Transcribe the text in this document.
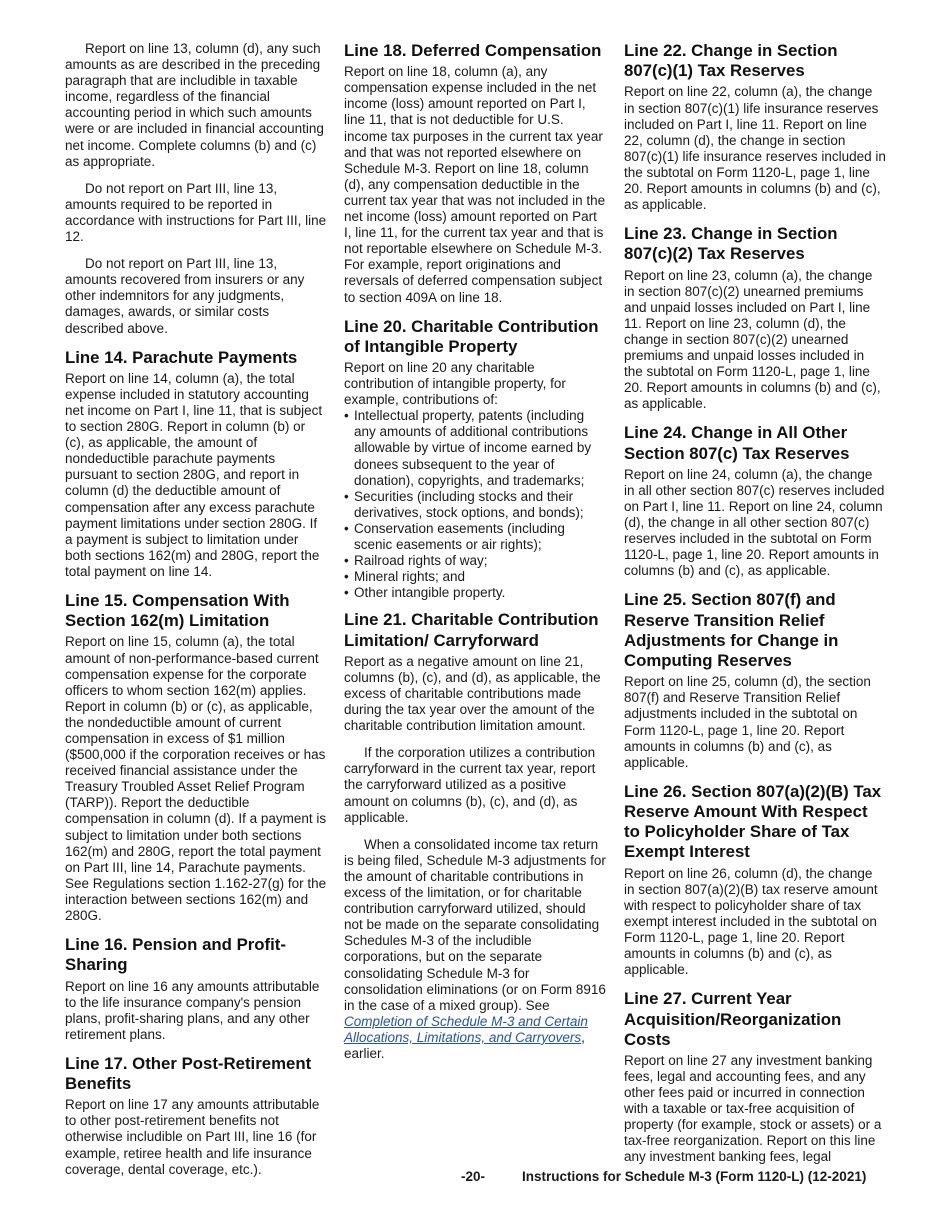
Report on line 13, column (d), any such amounts as are described in the preceding paragraph that are includible in taxable income, regardless of the financial accounting period in which such amounts were or are included in financial accounting net income. Complete columns (b) and (c) as appropriate.

Do not report on Part III, line 13, amounts required to be reported in accordance with instructions for Part III, line 12.

Do not report on Part III, line 13, amounts recovered from insurers or any other indemnitors for any judgments, damages, awards, or similar costs described above.

Line 14. Parachute Payments

Report on line 14, column (a), the total expense included in statutory accounting net income on Part I, line 11, that is subject to section 280G. Report in column (b) or (c), as applicable, the amount of nondeductible parachute payments pursuant to section 280G, and report in column (d) the deductible amount of compensation after any excess parachute payment limitations under section 280G. If a payment is subject to limitation under both sections 162(m) and 280G, report the total payment on line 14.

Line 15. Compensation With Section 162(m) Limitation

Report on line 15, column (a), the total amount of non-performance-based current compensation expense for the corporate officers to whom section 162(m) applies. Report in column (b) or (c), as applicable, the nondeductible amount of current compensation in excess of $1 million ($500,000 if the corporation receives or has received financial assistance under the Treasury Troubled Asset Relief Program (TARP)). Report the deductible compensation in column (d). If a payment is subject to limitation under both sections 162(m) and 280G, report the total payment on Part III, line 14, Parachute payments. See Regulations section 1.162-27(g) for the interaction between sections 162(m) and 280G.

Line 16. Pension and Profit-Sharing

Report on line 16 any amounts attributable to the life insurance company's pension plans, profit-sharing plans, and any other retirement plans.

Line 17. Other Post-Retirement Benefits

Report on line 17 any amounts attributable to other post-retirement benefits not otherwise includible on Part III, line 16 (for example, retiree health and life insurance coverage, dental coverage, etc.).

Line 18. Deferred Compensation

Report on line 18, column (a), any compensation expense included in the net income (loss) amount reported on Part I, line 11, that is not deductible for U.S. income tax purposes in the current tax year and that was not reported elsewhere on Schedule M-3. Report on line 18, column (d), any compensation deductible in the current tax year that was not included in the net income (loss) amount reported on Part I, line 11, for the current tax year and that is not reportable elsewhere on Schedule M-3. For example, report originations and reversals of deferred compensation subject to section 409A on line 18.

Line 20. Charitable Contribution of Intangible Property

Report on line 20 any charitable contribution of intangible property, for example, contributions of:

• Intellectual property, patents (including any amounts of additional contributions allowable by virtue of income earned by donees subsequent to the year of donation), copyrights, and trademarks;
• Securities (including stocks and their derivatives, stock options, and bonds);
• Conservation easements (including scenic easements or air rights);
• Railroad rights of way;
• Mineral rights; and
• Other intangible property.
Line 21. Charitable Contribution Limitation/ Carryforward

Report as a negative amount on line 21, columns (b), (c), and (d), as applicable, the excess of charitable contributions made during the tax year over the amount of the charitable contribution limitation amount.

If the corporation utilizes a contribution carryforward in the current tax year, report the carryforward utilized as a positive amount on columns (b), (c), and (d), as applicable.

When a consolidated income tax return is being filed, Schedule M-3 adjustments for the amount of charitable contributions in excess of the limitation, or for charitable contribution carryforward utilized, should not be made on the separate consolidating Schedules M-3 of the includible corporations, but on the separate consolidating Schedule M-3 for consolidation eliminations (or on Form 8916 in the case of a mixed group). See Completion of Schedule M-3 and Certain Allocations, Limitations, and Carryovers, earlier.

Line 22. Change in Section 807(c)(1) Tax Reserves

Report on line 22, column (a), the change in section 807(c)(1) life insurance reserves included on Part I, line 11. Report on line 22, column (d), the change in section 807(c)(1) life insurance reserves included in the subtotal on Form 1120-L, page 1, line 20. Report amounts in columns (b) and (c), as applicable.

Line 23. Change in Section 807(c)(2) Tax Reserves

Report on line 23, column (a), the change in section 807(c)(2) unearned premiums and unpaid losses included on Part I, line 11. Report on line 23, column (d), the change in section 807(c)(2) unearned premiums and unpaid losses included in the subtotal on Form 1120-L, page 1, line 20. Report amounts in columns (b) and (c), as applicable.

Line 24. Change in All Other Section 807(c) Tax Reserves

Report on line 24, column (a), the change in all other section 807(c) reserves included on Part I, line 11. Report on line 24, column (d), the change in all other section 807(c) reserves included in the subtotal on Form 1120-L, page 1, line 20. Report amounts in columns (b) and (c), as applicable.

Line 25. Section 807(f) and Reserve Transition Relief Adjustments for Change in Computing Reserves

Report on line 25, column (d), the section 807(f) and Reserve Transition Relief adjustments included in the subtotal on Form 1120-L, page 1, line 20. Report amounts in columns (b) and (c), as applicable.

Line 26. Section 807(a)(2)(B) Tax Reserve Amount With Respect to Policyholder Share of Tax Exempt Interest

Report on line 26, column (d), the change in section 807(a)(2)(B) tax reserve amount with respect to policyholder share of tax exempt interest included in the subtotal on Form 1120-L, page 1, line 20. Report amounts in columns (b) and (c), as applicable.

Line 27. Current Year Acquisition/Reorganization Costs

Report on line 27 any investment banking fees, legal and accounting fees, and any other fees paid or incurred in connection with a taxable or tax-free acquisition of property (for example, stock or assets) or a tax-free reorganization. Report on this line any investment banking fees, legal

-20-	Instructions for Schedule M-3 (Form 1120-L) (12-2021)
